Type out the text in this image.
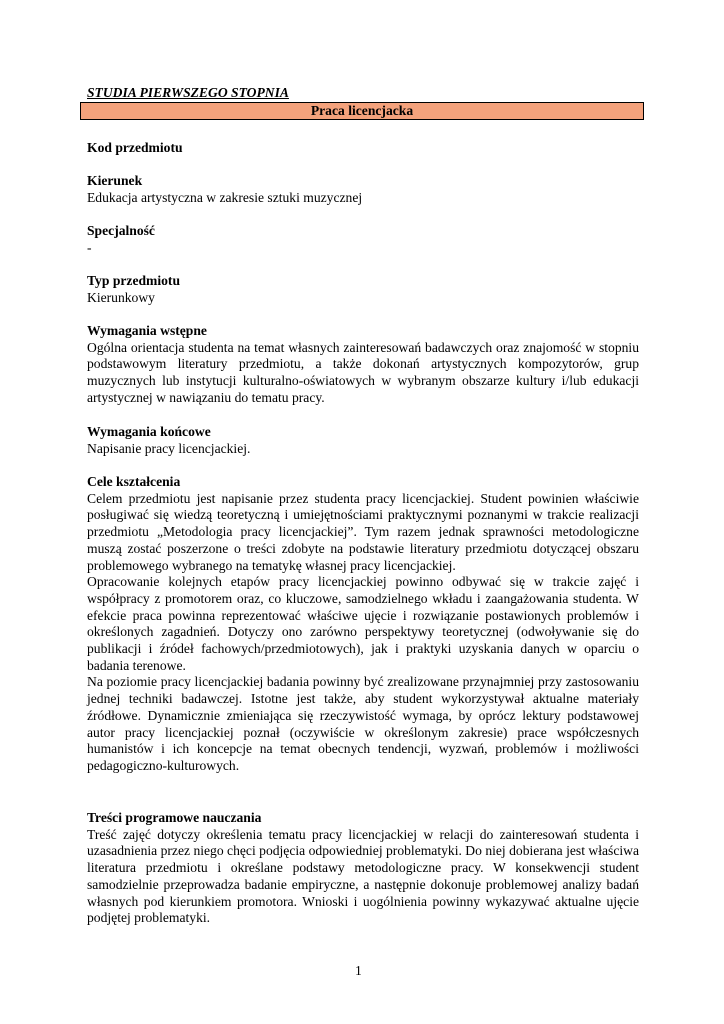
STUDIA PIERWSZEGO STOPNIA
Praca licencjacka
Kod przedmiotu
Kierunek
Edukacja artystyczna w zakresie sztuki muzycznej
Specjalność
-
Typ przedmiotu
Kierunkowy
Wymagania wstępne
Ogólna orientacja studenta na temat własnych zainteresowań badawczych oraz znajomość w stopniu podstawowym literatury przedmiotu, a także dokonań artystycznych kompozytorów, grup muzycznych lub instytucji kulturalno-oświatowych w wybranym obszarze kultury i/lub edukacji artystycznej w nawiązaniu do tematu pracy.
Wymagania końcowe
Napisanie pracy licencjackiej.
Cele kształcenia

Celem przedmiotu jest napisanie przez studenta pracy licencjackiej. Student powinien właściwie posługiwać się wiedzą teoretyczną i umiejętnościami praktycznymi poznanymi w trakcie realizacji przedmiotu „Metodologia pracy licencjackiej”. Tym razem jednak sprawności metodologiczne muszą zostać poszerzone o treści zdobyte na podstawie literatury przedmiotu dotyczącej obszaru problemowego wybranego na tematykę własnej pracy licencjackiej.

Opracowanie kolejnych etapów pracy licencjackiej powinno odbywać się w trakcie zajęć i współpracy z promotorem oraz, co kluczowe, samodzielnego wkładu i zaangażowania studenta. W efekcie praca powinna reprezentować właściwe ujęcie i rozwiązanie postawionych problemów i określonych zagadnień. Dotyczy ono zarówno perspektywy teoretycznej (odwoływanie się do publikacji i źródeł fachowych/przedmiotowych), jak i praktyki uzyskania danych w oparciu o badania terenowe.

Na poziomie pracy licencjackiej badania powinny być zrealizowane przynajmniej przy zastosowaniu jednej techniki badawczej. Istotne jest także, aby student wykorzystywał aktualne materiały źródłowe. Dynamicznie zmieniająca się rzeczywistość wymaga, by oprócz lektury podstawowej autor pracy licencjackiej poznał (oczywiście w określonym zakresie) prace współczesnych humanistów i ich koncepcje na temat obecnych tendencji, wyzwań, problemów i możliwości pedagogiczno-kulturowych.

Treści programowe nauczania
Treść zajęć dotyczy określenia tematu pracy licencjackiej w relacji do zainteresowań studenta i uzasadnienia przez niego chęci podjęcia odpowiedniej problematyki. Do niej dobierana jest właściwa literatura przedmiotu i określane podstawy metodologiczne pracy. W konsekwencji student samodzielnie przeprowadza badanie empiryczne, a następnie dokonuje problemowej analizy badań własnych pod kierunkiem promotora. Wnioski i uogólnienia powinny wykazywać aktualne ujęcie podjętej problematyki.
1
